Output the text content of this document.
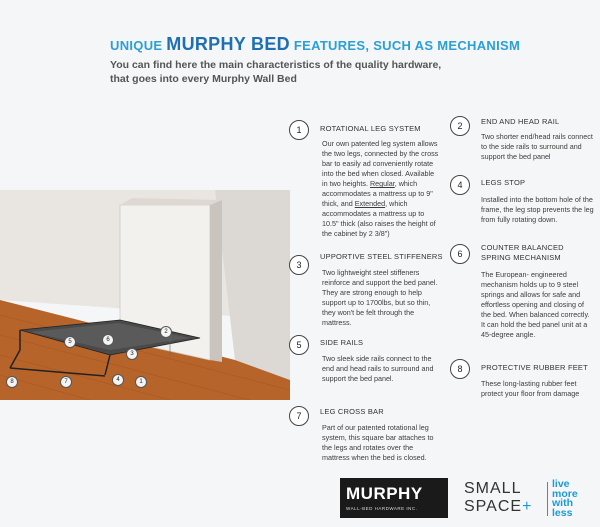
UNIQUE MURPHY BED FEATURES, SUCH AS MECHANISM
You can find here the main characteristics of the quality hardware,
that goes into every Murphy Wall Bed
2
5	6
3
4	1
7
8
1	ROTATIONAL LEG SYSTEM
Our own patented leg system allows the two legs, connected by the cross bar to easily ad conveniently rotate into the bed when closed. Available in two heights. Regular, which accommodates a mattress up to 9" thick, and Extended, which accommodates a mattress up to 10.5" thick (also raises the height of the cabinet by 2 3/8")
2	END AND HEAD RAIL
Two shorter end/head rails connect to the side rails to surround and support the bed panel
3
UPPORTIVE STEEL STIFFENERS
Two lightweight steel stiffeners reinforce and support the bed panel. They are strong enough to help support up to 1700lbs, but so thin, they won't be felt through the mattress.
4	LEGS STOP
Installed into the bottom hole of the frame, the leg stop prevents the leg from fully rotating down.
5	SIDE RAILS
Two sleek side rails connect to the end and head rails to surround and support the bed panel.
6
COUNTER BALANCED SPRING MECHANISM
The European- engineered mechanism holds up to 9 steel springs and allows for safe and effortless opening and closing of the bed. When balanced correctly. It can hold the bed panel unit at a 45-degree angle.
7	LEG CROSS BAR
Part of our patented rotational leg system, this square bar attaches to the legs and rotates over the mattress when the bed is closed.
8	PROTECTIVE RUBBER FEET
These long-lasting rubber feet protect your floor from damage
MURPHY
WALL-BED HARDWARE INC.
SMALL
SPACE+
live
more
with
less
